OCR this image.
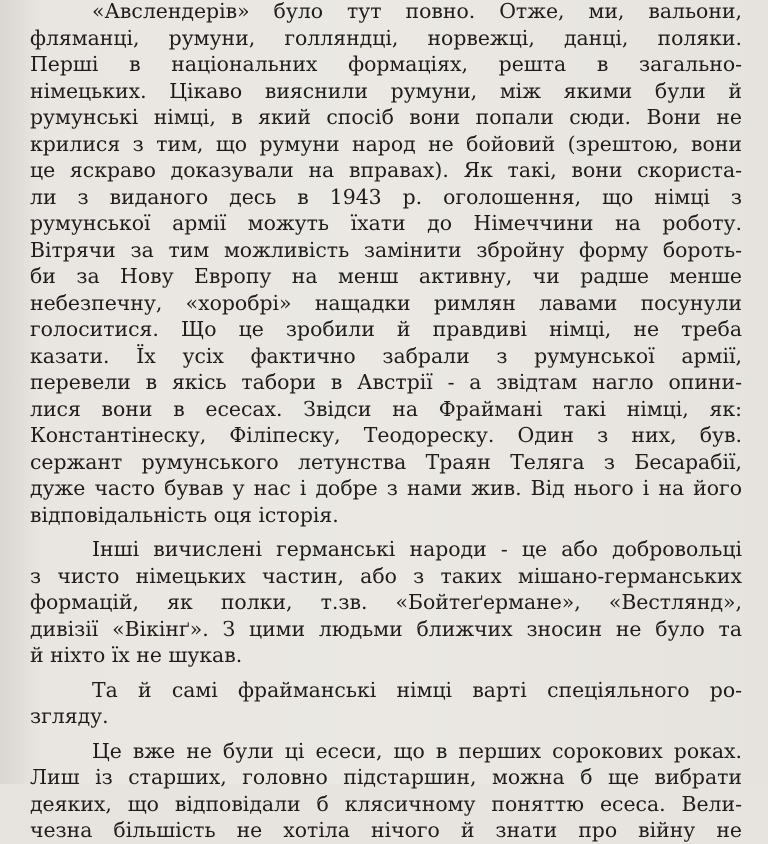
«Авслендерів» було тут повно. Отже, ми, вальони,
фляманці, румуни, голляндці, норвежці, данці, поляки.
Перші в національних формаціях, решта в загально-
німецьких. Цікаво вияснили румуни, між якими були й
румунські німці, в який спосіб вони попали сюди. Вони не
крилися з тим, що румуни народ не бойовий (зрештою, вони
це яскраво доказували на вправах). Як такі, вони скориста-
ли з виданого десь в 1943 р. оголошення, що німці з
румунської армії можуть їхати до Німеччини на роботу.
Вітрячи за тим можливість замінити збройну форму бороть-
би за Нову Европу на менш активну, чи радше менше
небезпечну, «хоробрі» нащадки римлян лавами посунули
голоситися. Що це зробили й правдиві німці, не треба
казати. Їх усіх фактично забрали з румунської армії,
перевели в якісь табори в Австрії - а звідтам нагло опини-
лися вони в есесах. Звідси на Фраймані такі німці, як:
Константінеску, Філіпеску, Теодореску. Один з них, був.
сержант румунського летунства Траян Теляга з Бесарабії,
дуже часто бував у нас і добре з нами жив. Від нього і на його
відповідальність оця історія.
Інші вичислені германські народи - це або добровольці
з чисто німецьких частин, або з таких мішано-германських
формацій, як полки, т.зв. «Бойтеґермане», «Вестлянд»,
дивізії «Вікінґ». З цими людьми ближчих зносин не було та
й ніхто їх не шукав.
Та й самі фрайманські німці варті спеціяльного ро-
згляду.
Це вже не були ці есеси, що в перших сорокових роках.
Лиш із старших, головно підстаршин, можна б ще вибрати
деяких, що відповідали б клясичному поняттю есеса. Вели-
чезна більшість не хотіла нічого й знати про війну не
